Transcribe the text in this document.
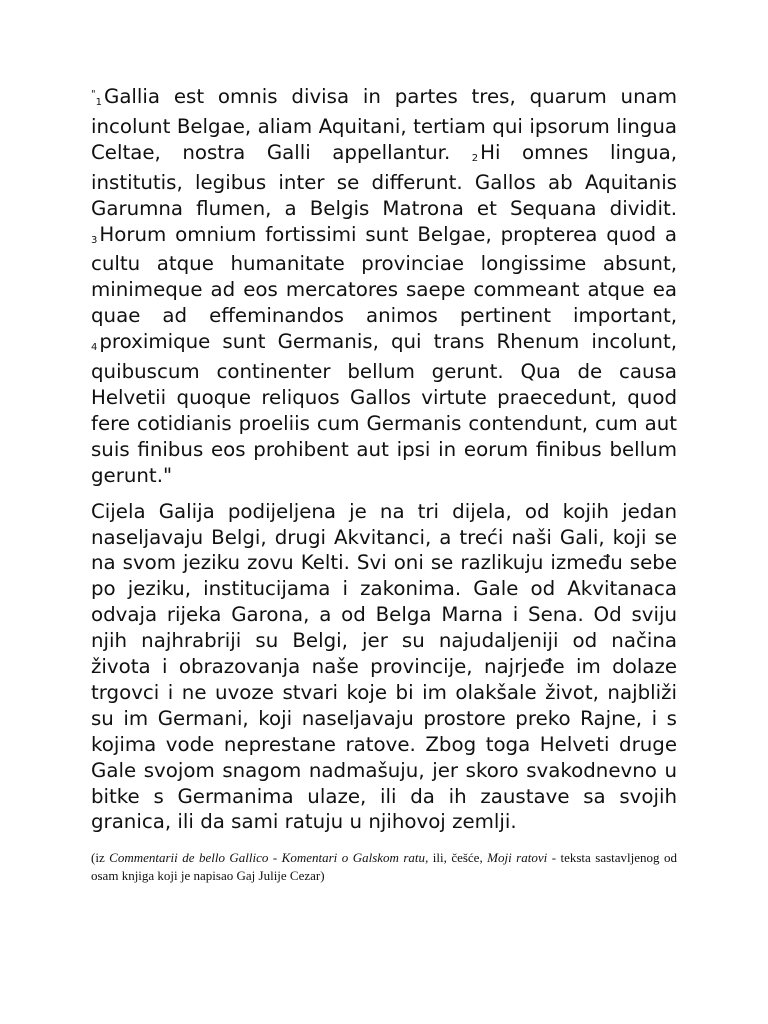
$^{"1}$ Gallia est omnis divisa in partes tres, quarum unam incolunt Belgae, aliam Aquitani, tertiam qui ipsorum lingua Celtae, nostra Galli appellantur. $^2$ Hi omnes lingua, institutis, legibus inter se differunt. Gallos ab Aquitanis Garumna flumen, a Belgis Matrona et Sequana dividit. $^3$ Horum omnium fortissimi sunt Belgae, propterea quod a cultu atque humanitate provinciae longissime absunt, minimeque ad eos mercatores saepe commeant atque ea quae ad effeminandos animos pertinent important, $^4$ proximique sunt Germanis, qui trans Rhenum incolunt, quibuscum continenter bellum gerunt. Qua de causa Helvetii quoque reliquos Gallos virtute praecedunt, quod fere cotidianis proeliis cum Germanis contendunt, cum aut suis finibus eos prohibent aut ipsi in eorum finibus bellum gerunt."

Cijela Galija podijeljena je na tri dijela, od kojih jedan naseljavaju Belgi, drugi Akvitanci, a treći naši Gali, koji se na svom jeziku zovu Kelti. Svi oni se razlikuju između sebe po jeziku, institucijama i zakonima. Gale od Akvitanaca odvaja rijeka Garona, a od Belga Marna i Sena. Od sviju njih najhrabriji su Belgi, jer su najudaljeniji od načina života i obrazovanja naše provincije, najrjeđe im dolaze trgovci i ne uvoze stvari koje bi im olakšale život, najbliži su im Germani, koji naseljavaju prostore preko Rajne, i s kojima vode neprestane ratove. Zbog toga Helveti druge Gale svojom snagom nadmašuju, jer skoro svakodnevno u bitke s Germanima ulaze, ili da ih zaustave sa svojih granica, ili da sami ratuju u njihovoj zemlji.

(iz Commentarii de bello Gallico - Komentari o Galskom ratu, ili, češće, Moji ratovi - teksta sastavljenog od osam knjiga koji je napisao Gaj Julije Cezar)
